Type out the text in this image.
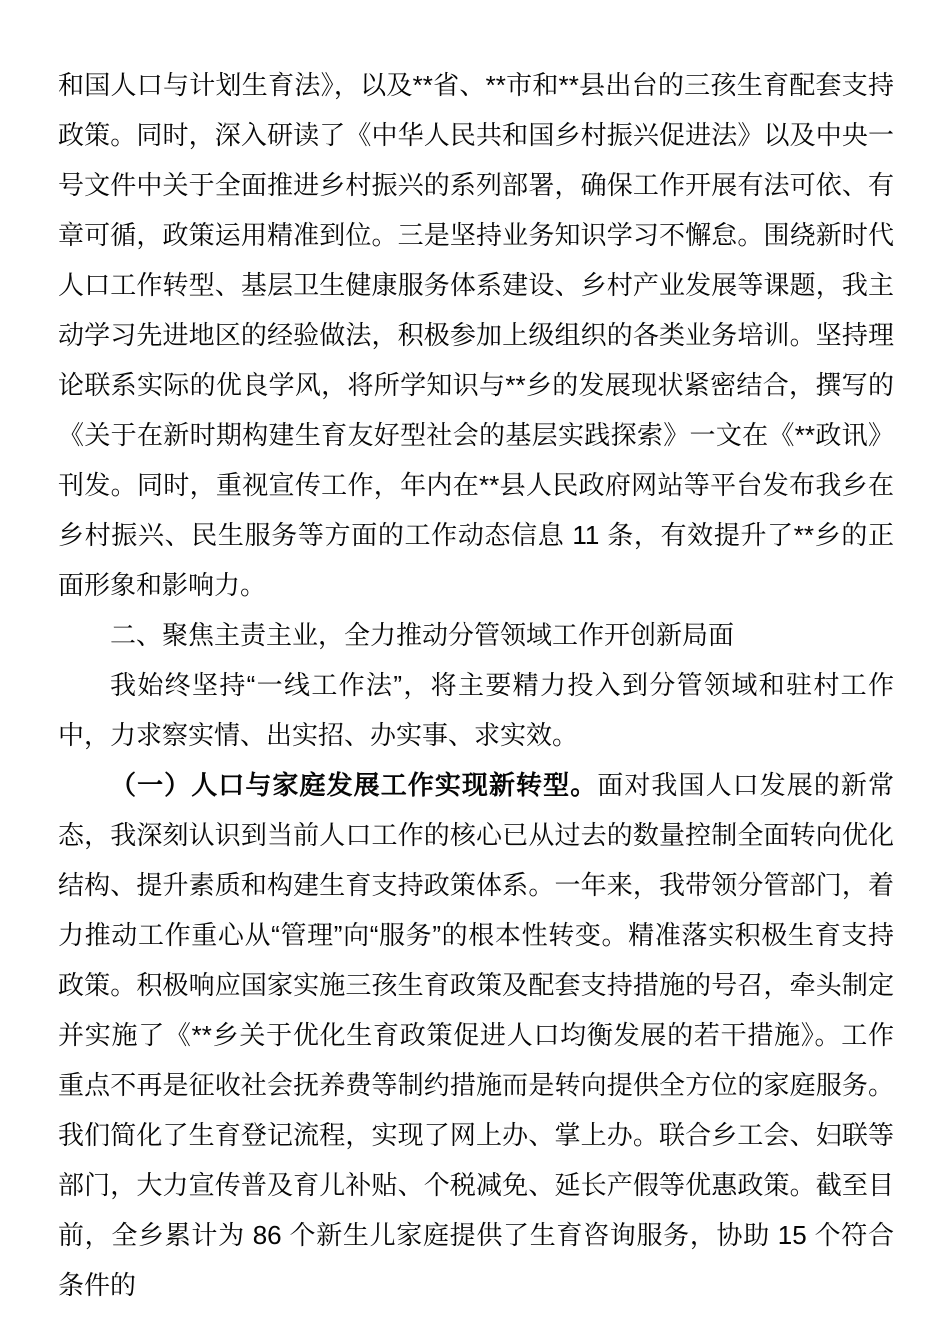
和国人口与计划生育法》，以及**省、**市和**县出台的三孩生育配套支持政策。同时，深入研读了《中华人民共和国乡村振兴促进法》以及中央一号文件中关于全面推进乡村振兴的系列部署，确保工作开展有法可依、有章可循，政策运用精准到位。三是坚持业务知识学习不懈怠。围绕新时代人口工作转型、基层卫生健康服务体系建设、乡村产业发展等课题，我主动学习先进地区的经验做法，积极参加上级组织的各类业务培训。坚持理论联系实际的优良学风，将所学知识与**乡的发展现状紧密结合，撰写的《关于在新时期构建生育友好型社会的基层实践探索》一文在《**政讯》刊发。同时，重视宣传工作，年内在**县人民政府网站等平台发布我乡在乡村振兴、民生服务等方面的工作动态信息 11 条，有效提升了**乡的正面形象和影响力。

二、聚焦主责主业，全力推动分管领域工作开创新局面

我始终坚持“一线工作法”，将主要精力投入到分管领域和驻村工作中，力求察实情、出实招、办实事、求实效。

（一）人口与家庭发展工作实现新转型。面对我国人口发展的新常态，我深刻认识到当前人口工作的核心已从过去的数量控制全面转向优化结构、提升素质和构建生育支持政策体系。一年来，我带领分管部门，着力推动工作重心从“管理”向“服务”的根本性转变。精准落实积极生育支持政策。积极响应国家实施三孩生育政策及配套支持措施的号召，牵头制定并实施了《**乡关于优化生育政策促进人口均衡发展的若干措施》。工作重点不再是征收社会抚养费等制约措施而是转向提供全方位的家庭服务。我们简化了生育登记流程，实现了网上办、掌上办。联合乡工会、妇联等部门，大力宣传普及育儿补贴、个税减免、延长产假等优惠政策。截至目前，全乡累计为 86 个新生儿家庭提供了生育咨询服务，协助 15 个符合条件的
